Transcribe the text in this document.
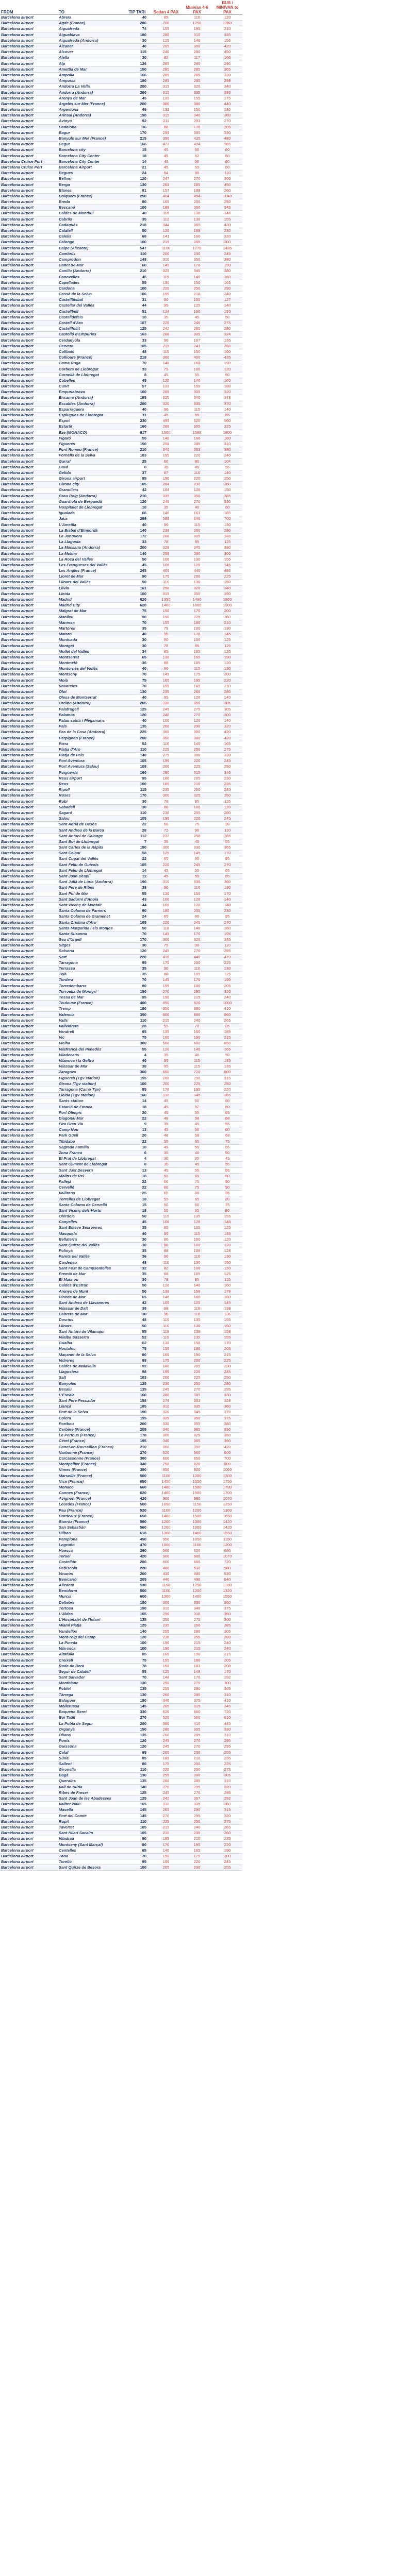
FROM	TO	TIP TARI	Sedan 4 PAX	Minivan 4-6 PAX	BUS / MINIVAN to PAX
Barcelona airport	Abrera	40	85	110	120
Barcelona airport	Agde (France)	286	700	1250	1350
Barcelona airport	Aiguafreda	74	155	195	210
Barcelona airport	Aiguablava	180	280	310	335
Barcelona airport	Aiguafreda (Andorra)	30	125	148	156
Barcelona airport	Alcanar	40	205	300	420
Barcelona airport	Alcover	115	240	280	450
Barcelona airport	Alella	30	82	117	166
Barcelona airport	Alp	126	285	280	290
Barcelona airport	Amettla de Mar	150	285	285	365
Barcelona airport	Ampolla	166	285	285	330
Barcelona airport	Amposta	180	285	285	298
Barcelona airport	Andorra La Vella	200	315	320	340
Barcelona airport	Andorra (Andorra)	200	315	335	380
Barcelona airport	Arenys de Mar	45	135	155	175
Barcelona airport	Argelès sur Mer (France)	200	380	380	440
Barcelona airport	Argentona	49	132	156	180
Barcelona airport	Arinsal (Andorra)	190	315	340	380
Barcelona airport	Avinyó	92	211	293	270
Barcelona airport	Badalona	36	88	120	205
Barcelona airport	Bagur	170	295	305	330
Barcelona airport	Banyuls sur Mer (France)	215	390	425	480
Barcelona airport	Begur	166	473	494	965
Barcelona airport	Barcelona city	15	45	50	60
Barcelona airport	Barcelona City Center	18	45	52	60
Barcelona Cruise Port	Barcelona City Center	14	45	50	60
Barcelona Cruise Port	Barcelona Airport	21	45	55	60
Barcelona airport	Begues	24	64	80	110
Barcelona airport	Bellver	120	247	270	300
Barcelona airport	Berga	130	263	285	450
Barcelona airport	Blanes	81	157	189	260
Barcelona airport	Bolquera (France)	250	404	454	1040
Barcelona airport	Breda	80	165	200	250
Barcelona airport	Bescanó	100	189	260	345
Barcelona airport	Caldes de Montbui	48	115	130	146
Barcelona airport	Cabrils	35	112	130	155
Barcelona airport	Cadaqués	218	344	369	430
Barcelona airport	Calafell	50	120	169	230
Barcelona airport	Calella	68	141	160	320
Barcelona airport	Calonge	100	215	265	300
Barcelona airport	Calpe (Alicante)	547	1100	1270	1485
Barcelona airport	Cambrils	110	200	230	245
Barcelona airport	Camprodon	148	310	350	380
Barcelona airport	Canet de Mar	60	145	170	190
Barcelona airport	Canillo (Andorra)	210	325	345	380
Barcelona airport	Canovelles	45	115	140	160
Barcelona airport	Capellades	55	130	150	165
Barcelona airport	Cardona	100	220	250	290
Barcelona airport	Cassà de la Selva	106	195	218	240
Barcelona airport	Castellbisbal	31	90	105	127
Barcelona airport	Castellar del Vallès	44	95	125	140
Barcelona airport	Castellbell	51	134	160	195
Barcelona airport	Castelldefels	10	35	45	60
Barcelona airport	Castell d'Aro	107	225	246	275
Barcelona airport	Castellfollit	125	242	265	280
Barcelona airport	Castelló d'Empuries	163	288	305	324
Barcelona airport	Cerdanyola	33	90	107	135
Barcelona airport	Cervera	105	215	241	260
Barcelona airport	Collbató	48	115	150	160
Barcelona airport	Collioure (France)	218	360	400	435
Barcelona airport	Coma Ruga	70	146	168	190
Barcelona airport	Corbera de Llobregat	33	75	100	120
Barcelona airport	Cornellà de Llobregat	8	45	55	60
Barcelona airport	Cubelles	45	125	140	160
Barcelona airport	Cunit	57	133	159	188
Barcelona airport	Empuriabrava	160	285	305	320
Barcelona airport	Encamp (Andorra)	195	325	340	378
Barcelona airport	Escaldes (Andorra)	200	320	335	370
Barcelona airport	Esparraguera	40	96	115	140
Barcelona airport	Esplugues de Llobregat	11	45	55	65
Barcelona airport	Espot	230	495	520	560
Barcelona airport	Estartit	160	288	305	325
Barcelona airport	Eze (MONACO)	617	1500	1588	1800
Barcelona airport	Figaró	55	140	160	180
Barcelona airport	Figueres	150	258	285	310
Barcelona airport	Font Romeu (France)	210	340	363	380
Barcelona airport	Fornells de la Selva	103	195	220	240
Barcelona airport	Garraf	25	60	80	104
Barcelona airport	Gavà	8	35	45	55
Barcelona airport	Gelida	37	87	110	140
Barcelona airport	Girona airport	95	190	220	250
Barcelona airport	Girona city	105	204	230	260
Barcelona airport	Granollers	42	104	126	150
Barcelona airport	Grau Roig (Andorra)	210	335	350	385
Barcelona airport	Guardiola de Berguedà	120	246	270	330
Barcelona airport	Hospitalet de Llobregat	10	35	40	60
Barcelona airport	Igualada	66	140	163	185
Barcelona airport	Jaca	299	580	640	700
Barcelona airport	L'Ametlla	40	96	115	130
Barcelona airport	La Bisbal d'Empordà	140	238	260	280
Barcelona airport	La Jonquera	172	288	305	330
Barcelona airport	La Llagosta	33	78	95	115
Barcelona airport	La Massana (Andorra)	200	328	345	380
Barcelona airport	La Molina	140	258	280	300
Barcelona airport	La Roca del Vallès	50	108	130	155
Barcelona airport	Les Franqueses del Vallès	45	106	125	145
Barcelona airport	Les Angles (France)	245	409	440	480
Barcelona airport	Lloret de Mar	90	175	200	225
Barcelona airport	Llinars del Vallès	50	110	130	150
Barcelona airport	Llivia	161	298	320	340
Barcelona airport	Lleida	160	315	350	390
Barcelona airport	Madrid	620	1350	1490	1800
Barcelona airport	Madrid City	620	1400	1600	1900
Barcelona airport	Malgrat de Mar	75	150	175	200
Barcelona airport	Manlleu	90	190	225	260
Barcelona airport	Manresa	70	155	180	210
Barcelona airport	Martorell	35	79	100	130
Barcelona airport	Mataró	40	95	120	145
Barcelona airport	Montcada	30	80	100	125
Barcelona airport	Montgat	30	78	95	115
Barcelona airport	Mollet del Vallès	34	85	105	120
Barcelona airport	Montserrat	65	138	165	190
Barcelona airport	Montmeló	36	88	105	120
Barcelona airport	Montornès del Vallès	40	96	115	130
Barcelona airport	Montseny	70	145	175	200
Barcelona airport	Moià	75	165	195	220
Barcelona airport	Navarcles	70	155	185	210
Barcelona airport	Olot	130	235	260	280
Barcelona airport	Olesa de Montserrat	40	95	120	140
Barcelona airport	Ordino (Andorra)	205	330	350	385
Barcelona airport	Palafrugell	125	245	275	305
Barcelona airport	Palamós	120	240	270	300
Barcelona airport	Palau-solità i Plegamans	40	100	120	140
Barcelona airport	Pals	135	260	290	320
Barcelona airport	Pas de la Casa (Andorra)	225	365	380	420
Barcelona airport	Perpignan (France)	200	350	380	420
Barcelona airport	Piera	52	116	140	165
Barcelona airport	Platja d'Aro	110	225	250	275
Barcelona airport	Platja de Pals	140	275	300	330
Barcelona airport	Port Aventura	105	195	220	245
Barcelona airport	Port Aventura (Salou)	108	200	225	250
Barcelona airport	Puigcerdà	160	290	315	340
Barcelona airport	Reus airport	95	180	205	230
Barcelona airport	Reus	100	185	210	235
Barcelona airport	Ripoll	115	235	260	285
Barcelona airport	Roses	170	300	325	350
Barcelona airport	Rubí	30	78	95	115
Barcelona airport	Sabadell	30	80	100	120
Barcelona airport	Sagaró	110	230	255	280
Barcelona airport	Salou	105	195	220	245
Barcelona airport	Sant Adrià de Besòs	22	60	75	90
Barcelona airport	Sant Andreu de la Barca	28	72	90	110
Barcelona airport	Sant Antoni de Calonge	112	232	258	285
Barcelona airport	Sant Boi de Llobregat	7	35	45	55
Barcelona airport	Sant Carles de la Ràpita	180	300	330	365
Barcelona airport	Sant Celoni	58	125	145	170
Barcelona airport	Sant Cugat del Vallès	22	65	80	95
Barcelona airport	Sant Feliu de Guíxols	105	220	245	270
Barcelona airport	Sant Feliu de Llobregat	14	45	55	65
Barcelona airport	Sant Joan Despí	12	45	55	65
Barcelona airport	Sant Julià de Lòria (Andorra)	190	310	330	360
Barcelona airport	Sant Pere de Ribes	38	90	110	130
Barcelona airport	Sant Pol de Mar	55	130	150	170
Barcelona airport	Sant Sadurní d'Anoia	43	100	120	140
Barcelona airport	Sant Vicenç de Montalt	44	108	128	148
Barcelona airport	Santa Coloma de Farners	90	180	205	230
Barcelona airport	Santa Coloma de Gramenet	24	65	80	95
Barcelona airport	Santa Cristina d'Aro	105	220	245	270
Barcelona airport	Santa Margarida i els Monjos	50	118	140	160
Barcelona airport	Santa Susanna	70	145	170	195
Barcelona airport	Seu d'Urgell	170	300	320	345
Barcelona airport	Sitges	30	75	90	110
Barcelona airport	Solsona	120	245	270	295
Barcelona airport	Sort	220	410	440	470
Barcelona airport	Tarragona	95	175	200	225
Barcelona airport	Terrassa	35	90	110	130
Barcelona airport	Teià	35	88	105	125
Barcelona airport	Tordera	70	145	170	195
Barcelona airport	Torredembarra	80	155	180	205
Barcelona airport	Torroella de Montgrí	150	270	295	320
Barcelona airport	Tossa de Mar	95	190	215	240
Barcelona airport	Toulouse (France)	400	850	920	1000
Barcelona airport	Tremp	180	350	380	410
Barcelona airport	Valencia	350	800	880	960
Barcelona airport	Valls	110	215	240	265
Barcelona airport	Vallvidrera	20	55	70	85
Barcelona airport	Vendrell	65	135	160	185
Barcelona airport	Vic	75	165	190	215
Barcelona airport	Vielha	300	560	600	650
Barcelona airport	Vilafranca del Penedès	55	120	140	165
Barcelona airport	Viladecans	4	35	40	50
Barcelona airport	Vilanova i la Geltrú	40	95	115	135
Barcelona airport	Vilassar de Mar	38	95	115	135
Barcelona airport	Zaragoza	300	650	720	800
Barcelona airport	Figueres (Tgv station)	155	265	290	315
Barcelona airport	Girona (Tgv station)	100	200	225	250
Barcelona airport	Tarragona (Camp Tgv)	85	170	195	220
Barcelona airport	Lleida (Tgv station)	160	310	345	385
Barcelona airport	Sants station	14	45	50	60
Barcelona airport	Estació de França	18	45	52	60
Barcelona airport	Port Olímpic	20	45	55	65
Barcelona airport	Diagonal Mar	22	48	58	68
Barcelona airport	Fira Gran Via	9	35	45	55
Barcelona airport	Camp Nou	13	45	50	60
Barcelona airport	Park Güell	20	48	58	68
Barcelona airport	Tibidabo	22	55	65	75
Barcelona airport	Sagrada Família	18	45	55	65
Barcelona airport	Zona Franca	6	35	40	50
Barcelona airport	El Prat de Llobregat	4	30	35	45
Barcelona airport	Sant Climent de Llobregat	8	35	45	55
Barcelona airport	Sant Just Desvern	13	45	55	65
Barcelona airport	Molins de Rei	18	55	65	80
Barcelona airport	Pallejà	22	60	75	90
Barcelona airport	Cervelló	22	60	75	90
Barcelona airport	Vallirana	25	65	80	95
Barcelona airport	Torrelles de Llobregat	18	55	65	80
Barcelona airport	Santa Coloma de Cervelló	15	50	60	75
Barcelona airport	Sant Vicenç dels Horts	18	55	65	80
Barcelona airport	Olèrdola	50	115	135	155
Barcelona airport	Canyelles	45	108	128	148
Barcelona airport	Sant Esteve Sesrovires	35	85	105	125
Barcelona airport	Masquefa	40	95	115	135
Barcelona airport	Bellaterra	30	80	100	120
Barcelona airport	Sant Quirze del Vallès	30	80	100	120
Barcelona airport	Polinyà	35	88	108	128
Barcelona airport	Parets del Vallès	36	90	110	130
Barcelona airport	Cardedeu	48	110	130	150
Barcelona airport	Sant Fost de Campsentelles	32	82	100	120
Barcelona airport	Premià de Mar	35	88	105	125
Barcelona airport	El Masnou	30	78	95	115
Barcelona airport	Caldes d'Estrac	50	120	140	160
Barcelona airport	Arenys de Munt	50	138	158	178
Barcelona airport	Pineda de Mar	65	140	160	180
Barcelona airport	Sant Andreu de Llavaneres	42	105	125	145
Barcelona airport	Vilassar de Dalt	38	98	118	138
Barcelona airport	Cabrera de Mar	38	96	116	136
Barcelona airport	Dosrius	48	115	135	155
Barcelona airport	Llinars	50	110	130	150
Barcelona airport	Sant Antoni de Vilamajor	55	118	138	158
Barcelona airport	Vilalba Sasserra	52	115	135	155
Barcelona airport	Gualba	62	130	150	170
Barcelona airport	Hostalric	75	155	180	205
Barcelona airport	Maçanet de la Selva	80	165	190	215
Barcelona airport	Vidreres	88	175	200	225
Barcelona airport	Caldes de Malavella	92	180	205	230
Barcelona airport	Llagostera	98	195	220	245
Barcelona airport	Salt	103	200	225	250
Barcelona airport	Banyoles	125	230	255	280
Barcelona airport	Besalú	135	245	270	295
Barcelona airport	L'Escala	160	280	305	330
Barcelona airport	Sant Pere Pescador	158	278	303	328
Barcelona airport	Llançà	185	310	335	360
Barcelona airport	Port de la Selva	190	320	345	370
Barcelona airport	Colera	195	325	350	375
Barcelona airport	Portbou	200	330	355	380
Barcelona airport	Cerbère (France)	205	340	365	390
Barcelona airport	Le Perthus (France)	178	300	325	350
Barcelona airport	Céret (France)	195	340	365	390
Barcelona airport	Canet-en-Roussillon (France)	210	360	390	420
Barcelona airport	Narbonne (France)	270	520	560	600
Barcelona airport	Carcassonne (France)	300	600	650	700
Barcelona airport	Montpellier (France)	340	750	820	900
Barcelona airport	Nîmes (France)	390	850	920	1000
Barcelona airport	Marseille (France)	500	1100	1200	1300
Barcelona airport	Nice (France)	650	1450	1550	1750
Barcelona airport	Monaco	660	1480	1580	1780
Barcelona airport	Cannes (France)	620	1400	1500	1700
Barcelona airport	Avignon (France)	420	900	980	1070
Barcelona airport	Lourdes (France)	500	1050	1150	1250
Barcelona airport	Pau (France)	520	1100	1200	1300
Barcelona airport	Bordeaux (France)	650	1400	1500	1650
Barcelona airport	Biarritz (France)	560	1200	1300	1420
Barcelona airport	San Sebastián	560	1200	1300	1420
Barcelona airport	Bilbao	610	1300	1400	1550
Barcelona airport	Pamplona	450	950	1050	1150
Barcelona airport	Logroño	470	1000	1100	1200
Barcelona airport	Huesca	260	560	620	680
Barcelona airport	Teruel	420	900	980	1070
Barcelona airport	Castellón	280	600	660	720
Barcelona airport	Peñíscola	220	480	530	580
Barcelona airport	Vinaròs	200	430	480	530
Barcelona airport	Benicarló	205	440	490	540
Barcelona airport	Alicante	530	1150	1250	1380
Barcelona airport	Benidorm	500	1100	1200	1320
Barcelona airport	Murcia	600	1300	1400	1550
Barcelona airport	Deltebre	180	300	330	360
Barcelona airport	Tortosa	190	310	340	375
Barcelona airport	L'Aldea	165	290	318	350
Barcelona airport	L'Hospitalet de l'Infant	135	250	275	300
Barcelona airport	Miami Platja	125	235	260	285
Barcelona airport	Vandellòs	140	255	280	305
Barcelona airport	Mont-roig del Camp	120	230	255	280
Barcelona airport	La Pineda	100	190	215	240
Barcelona airport	Vila-seca	100	190	215	240
Barcelona airport	Altafulla	85	165	190	215
Barcelona airport	Creixell	75	155	180	205
Barcelona airport	Roda de Berà	78	158	183	208
Barcelona airport	Segur de Calafell	55	125	148	170
Barcelona airport	Sant Salvador	70	148	170	192
Barcelona airport	Montblanc	130	250	275	300
Barcelona airport	Poblet	135	255	280	305
Barcelona airport	Tàrrega	130	260	285	310
Barcelona airport	Balaguer	180	340	375	410
Barcelona airport	Mollerussa	145	285	315	345
Barcelona airport	Baqueira Beret	330	620	660	720
Barcelona airport	Boí Taüll	270	520	560	610
Barcelona airport	La Pobla de Segur	200	380	410	445
Barcelona airport	Organyà	150	280	305	330
Barcelona airport	Oliana	135	260	285	310
Barcelona airport	Ponts	120	245	270	295
Barcelona airport	Guissona	120	245	270	295
Barcelona airport	Calaf	95	205	230	255
Barcelona airport	Súria	85	185	210	235
Barcelona airport	Sallent	80	175	200	225
Barcelona airport	Gironella	110	225	250	275
Barcelona airport	Bagà	130	255	280	305
Barcelona airport	Queralbs	135	260	285	310
Barcelona airport	Vall de Núria	140	270	295	320
Barcelona airport	Ribes de Freser	125	245	270	295
Barcelona airport	Sant Joan de les Abadesses	125	242	267	292
Barcelona airport	Vallter 2000	165	310	335	360
Barcelona airport	Masella	145	265	290	315
Barcelona airport	Port del Comte	145	270	295	320
Barcelona airport	Rupit	110	225	250	275
Barcelona airport	Tavertet	105	215	240	265
Barcelona airport	Sant Hilari Sacalm	105	210	235	260
Barcelona airport	Viladrau	90	185	210	235
Barcelona airport	Montseny (Sant Marçal)	80	170	195	220
Barcelona airport	Centelles	65	140	165	190
Barcelona airport	Tona	70	150	175	200
Barcelona airport	Torelló	95	195	220	245
Barcelona airport	Sant Quirze de Besora	100	205	230	255
